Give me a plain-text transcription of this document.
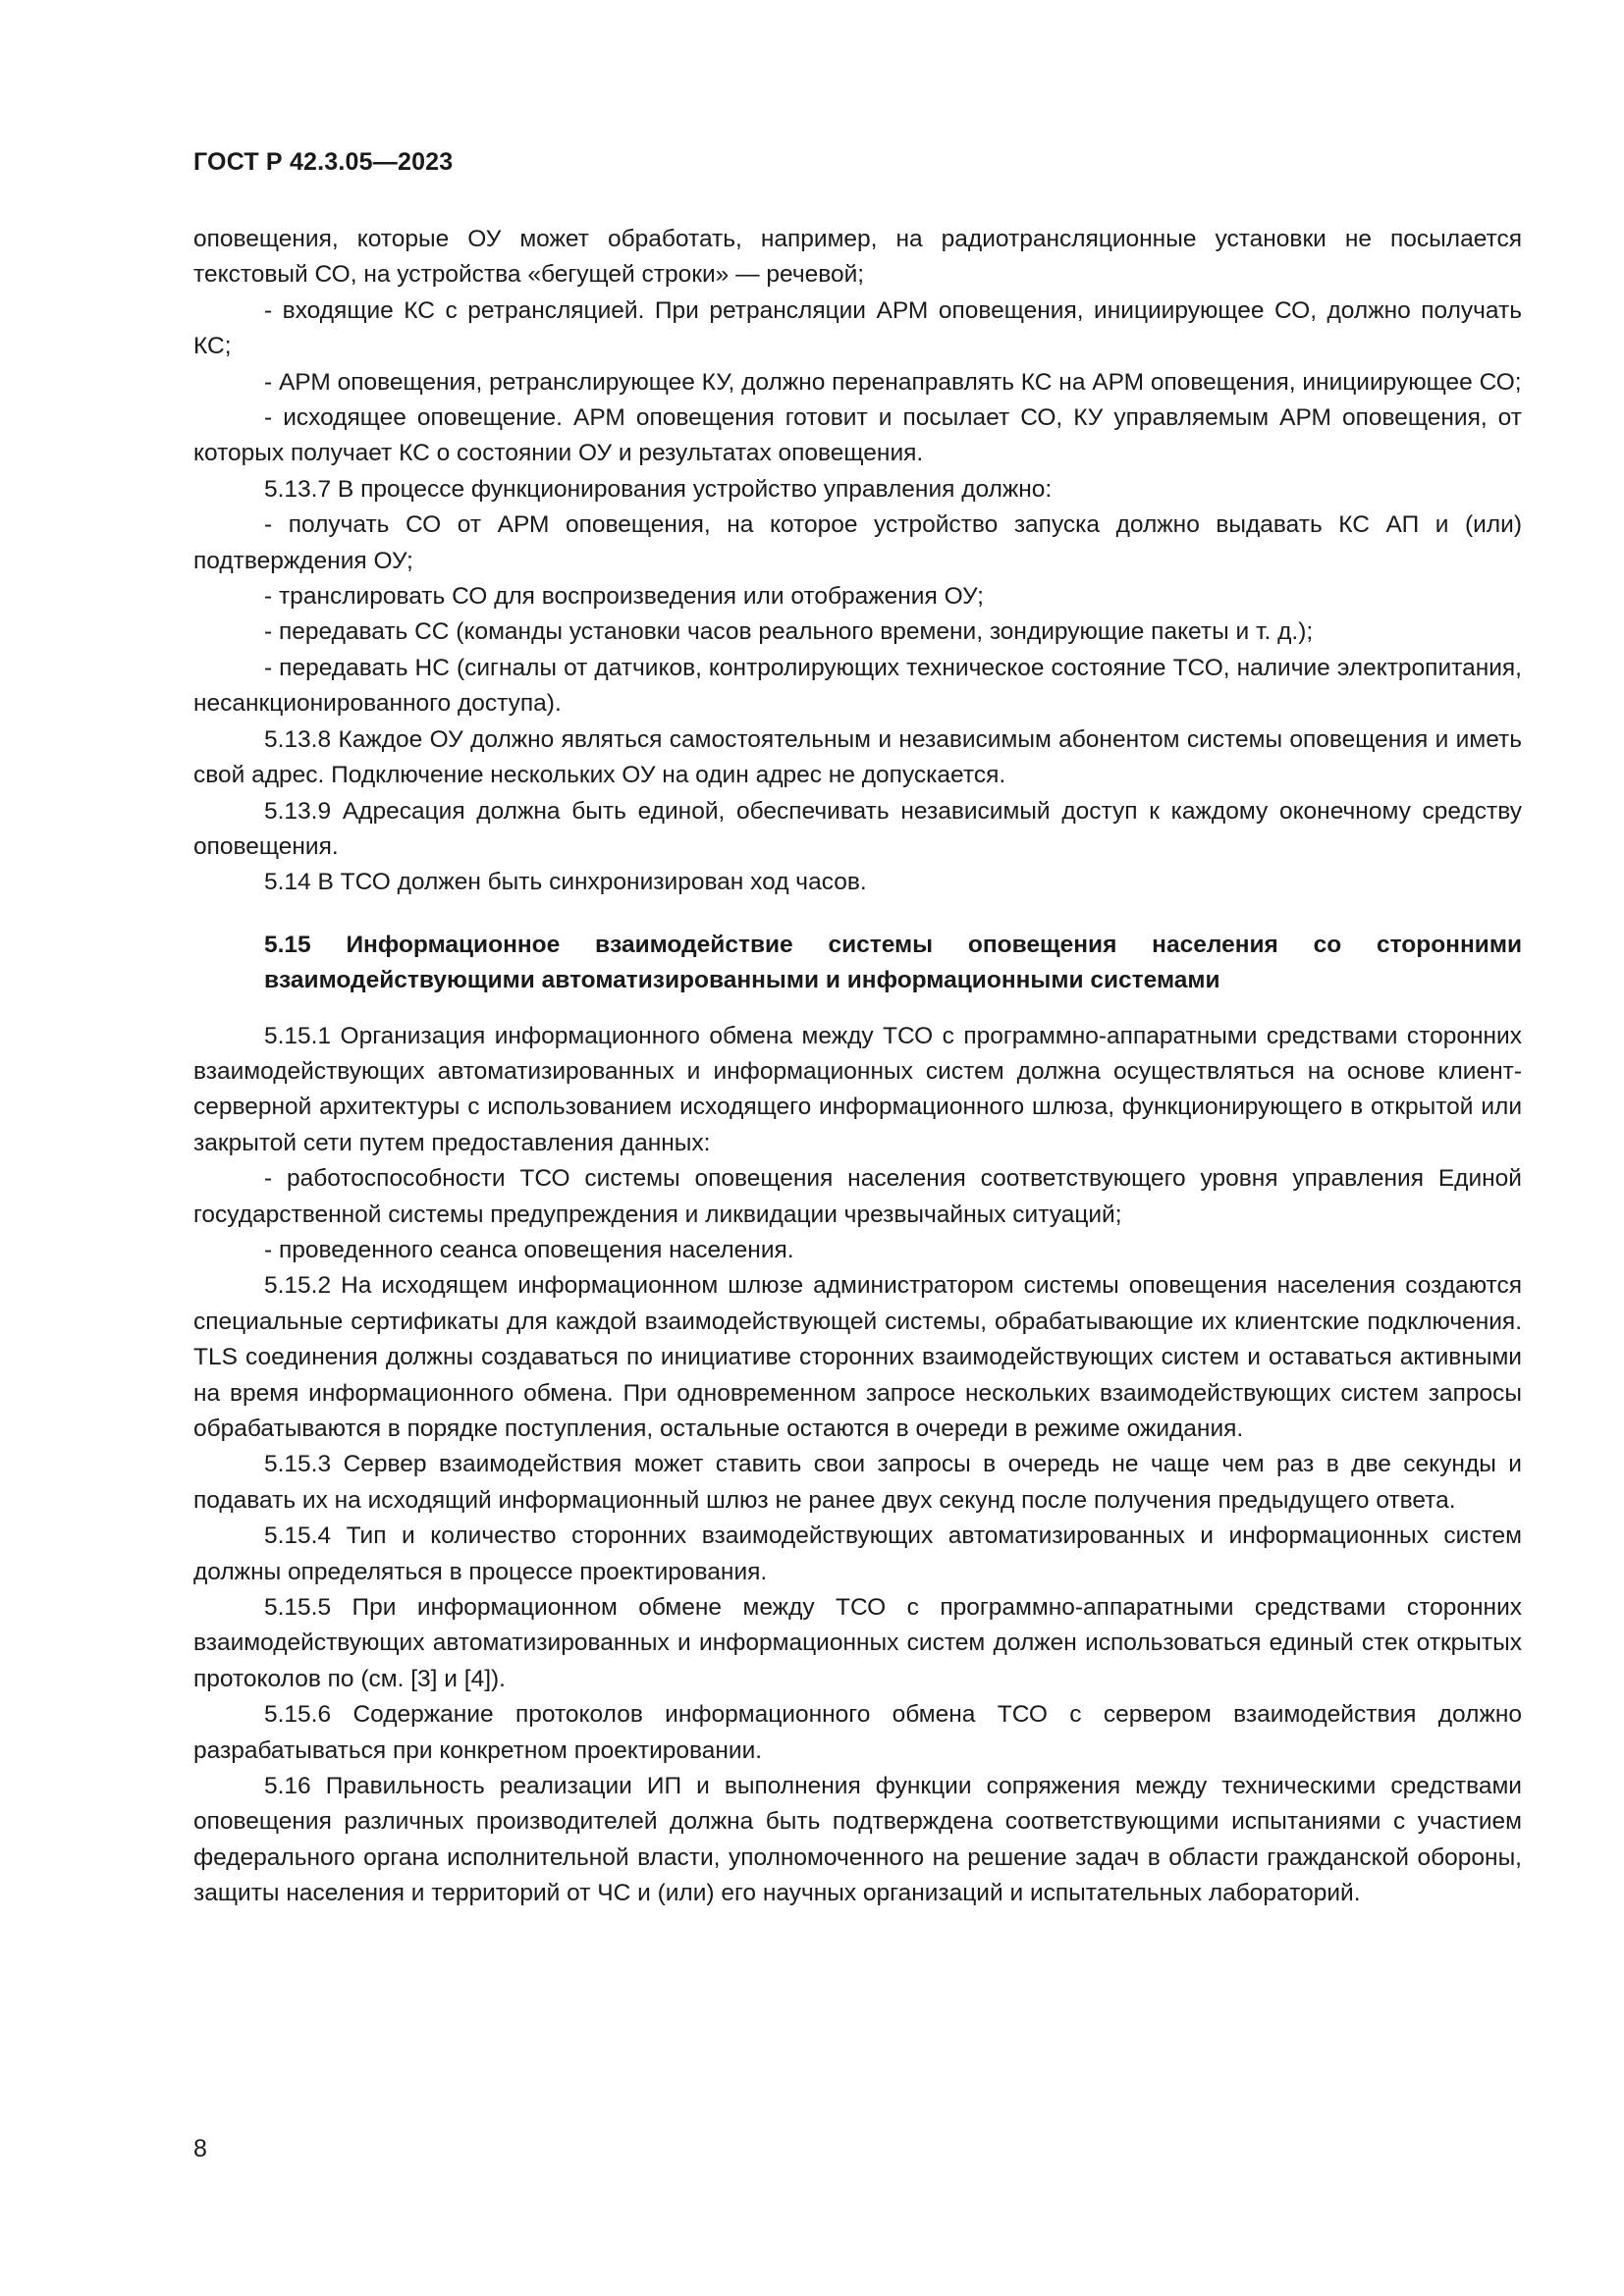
ГОСТ Р 42.3.05—2023

оповещения, которые ОУ может обработать, например, на радиотрансляционные установки не посылается текстовый СО, на устройства «бегущей строки» — речевой;

- входящие КС с ретрансляцией. При ретрансляции АРМ оповещения, инициирующее СО, должно получать КС;

- АРМ оповещения, ретранслирующее КУ, должно перенаправлять КС на АРМ оповещения, инициирующее СО;

- исходящее оповещение. АРМ оповещения готовит и посылает СО, КУ управляемым АРМ оповещения, от которых получает КС о состоянии ОУ и результатах оповещения.

5.13.7 В процессе функционирования устройство управления должно:

- получать СО от АРМ оповещения, на которое устройство запуска должно выдавать КС АП и (или) подтверждения ОУ;

- транслировать СО для воспроизведения или отображения ОУ;

- передавать СС (команды установки часов реального времени, зондирующие пакеты и т. д.);

- передавать НС (сигналы от датчиков, контролирующих техническое состояние ТСО, наличие электропитания, несанкционированного доступа).

5.13.8 Каждое ОУ должно являться самостоятельным и независимым абонентом системы оповещения и иметь свой адрес. Подключение нескольких ОУ на один адрес не допускается.

5.13.9 Адресация должна быть единой, обеспечивать независимый доступ к каждому оконечному средству оповещения.

5.14 В ТСО должен быть синхронизирован ход часов.

5.15 Информационное взаимодействие системы оповещения населения со сторонними взаимодействующими автоматизированными и информационными системами

5.15.1 Организация информационного обмена между ТСО с программно-аппаратными средствами сторонних взаимодействующих автоматизированных и информационных систем должна осуществляться на основе клиент-серверной архитектуры с использованием исходящего информационного шлюза, функционирующего в открытой или закрытой сети путем предоставления данных:

- работоспособности ТСО системы оповещения населения соответствующего уровня управления Единой государственной системы предупреждения и ликвидации чрезвычайных ситуаций;

- проведенного сеанса оповещения населения.

5.15.2 На исходящем информационном шлюзе администратором системы оповещения населения создаются специальные сертификаты для каждой взаимодействующей системы, обрабатывающие их клиентские подключения. TLS соединения должны создаваться по инициативе сторонних взаимодействующих систем и оставаться активными на время информационного обмена. При одновременном запросе нескольких взаимодействующих систем запросы обрабатываются в порядке поступления, остальные остаются в очереди в режиме ожидания.

5.15.3 Сервер взаимодействия может ставить свои запросы в очередь не чаще чем раз в две секунды и подавать их на исходящий информационный шлюз не ранее двух секунд после получения предыдущего ответа.

5.15.4 Тип и количество сторонних взаимодействующих автоматизированных и информационных систем должны определяться в процессе проектирования.

5.15.5 При информационном обмене между ТСО с программно-аппаратными средствами сторонних взаимодействующих автоматизированных и информационных систем должен использоваться единый стек открытых протоколов по (см. [3] и [4]).

5.15.6 Содержание протоколов информационного обмена ТСО с сервером взаимодействия должно разрабатываться при конкретном проектировании.

5.16 Правильность реализации ИП и выполнения функции сопряжения между техническими средствами оповещения различных производителей должна быть подтверждена соответствующими испытаниями с участием федерального органа исполнительной власти, уполномоченного на решение задач в области гражданской обороны, защиты населения и территорий от ЧС и (или) его научных организаций и испытательных лабораторий.

8
